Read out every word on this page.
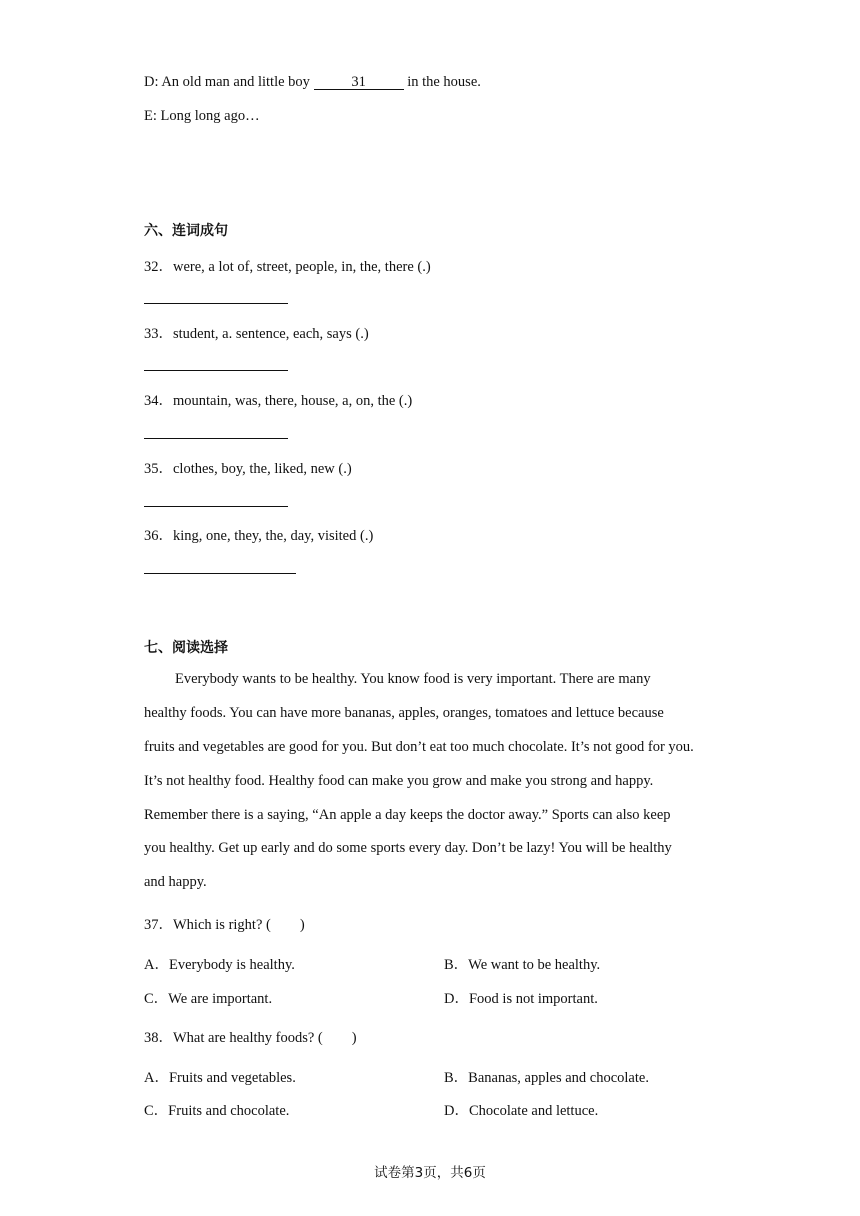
D: An old man and little boy	31	in the house.
E: Long long ago…
六、连词成句
32．were, a lot of, street, people, in, the, there (.)
33．student, a. sentence, each, says (.)
34．mountain, was, there, house, a, on, the (.)
35．clothes, boy, the, liked, new (.)
36．king, one, they, the, day, visited (.)
七、阅读选择
Everybody wants to be healthy. You know food is very important. There are many
healthy foods. You can have more bananas, apples, oranges, tomatoes and lettuce because
fruits and vegetables are good for you. But don’t eat too much chocolate. It’s not good for you.
It’s not healthy food. Healthy food can make you grow and make you strong and happy.
Remember there is a saying, “An apple a day keeps the doctor away.” Sports can also keep
you healthy. Get up early and do some sports every day. Don’t be lazy! You will be healthy
and happy.
37．Which is right? (　　)
A．Everybody is healthy.	B．We want to be healthy.
C．We are important.	D．Food is not important.
38．What are healthy foods? (　　)
A．Fruits and vegetables.	B．Bananas, apples and chocolate.
C．Fruits and chocolate.	D．Chocolate and lettuce.
试卷第3页，共6页
